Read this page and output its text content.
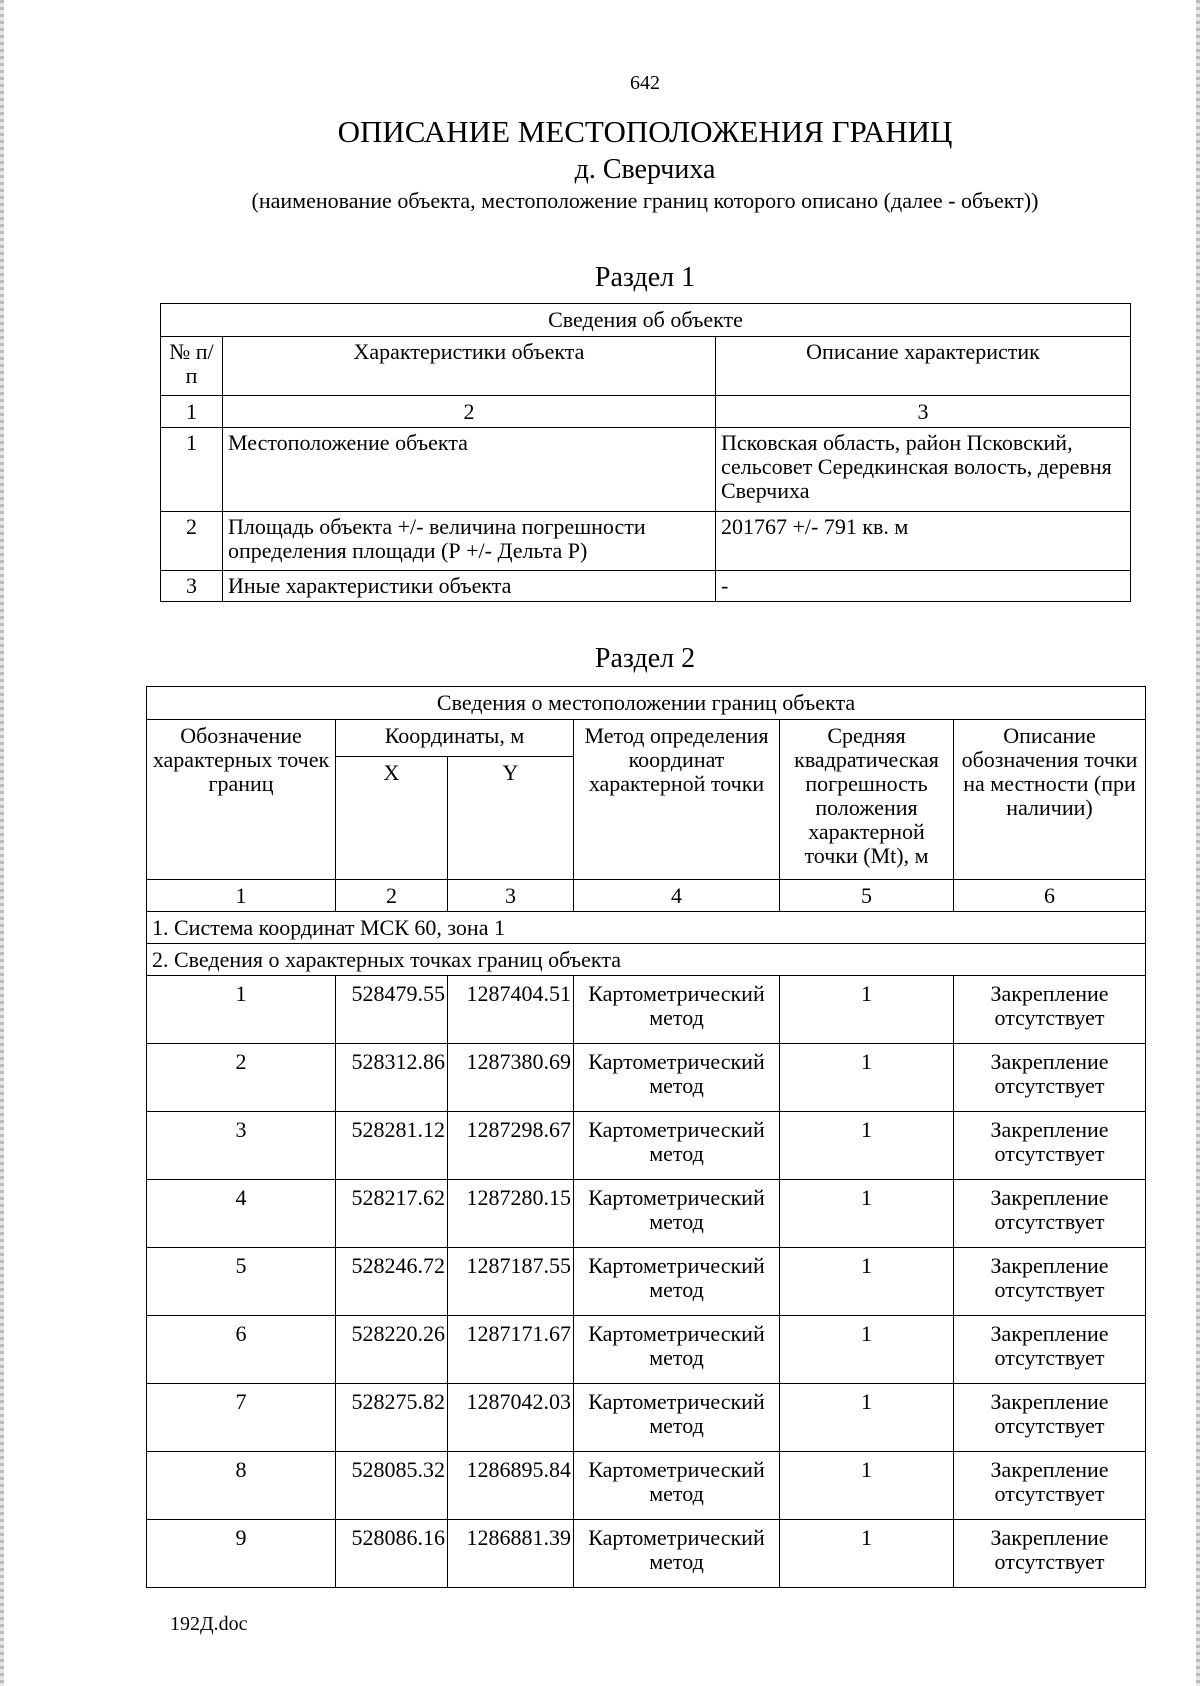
642
ОПИСАНИЕ МЕСТОПОЛОЖЕНИЯ ГРАНИЦ
д. Сверчиха
(наименование объекта, местоположение границ которого описано (далее - объект))
Раздел 1
Сведения об объекте		
№ п/п	Характеристики объекта	Описание характеристик
1	2	3
1	Местоположение объекта	Псковская область, район Псковский, сельсовет Середкинская волость, деревня Сверчиха
2	Площадь объекта +/- величина погрешности определения площади (Р +/- Дельта Р)	201767 +/- 791 кв. м
3	Иные характеристики объекта	-
Раздел 2
Сведения о местоположении границ объекта					
Обозначение характерных точек границ	Координаты, м		Метод определения координат характерной точки	Средняя квадратическая погрешность положения характерной точки (Мt), м	Описание обозначения точки на местности (при наличии)
	X	Y			
1	2	3	4	5	6
1. Система координат МСК 60, зона 1					
2. Сведения о характерных точках границ объекта					
1	528479.55	1287404.51	Картометрический метод	1	Закрепление отсутствует
2	528312.86	1287380.69	Картометрический метод	1	Закрепление отсутствует
3	528281.12	1287298.67	Картометрический метод	1	Закрепление отсутствует
4	528217.62	1287280.15	Картометрический метод	1	Закрепление отсутствует
5	528246.72	1287187.55	Картометрический метод	1	Закрепление отсутствует
6	528220.26	1287171.67	Картометрический метод	1	Закрепление отсутствует
7	528275.82	1287042.03	Картометрический метод	1	Закрепление отсутствует
8	528085.32	1286895.84	Картометрический метод	1	Закрепление отсутствует
9	528086.16	1286881.39	Картометрический метод	1	Закрепление отсутствует
192Д.doc
